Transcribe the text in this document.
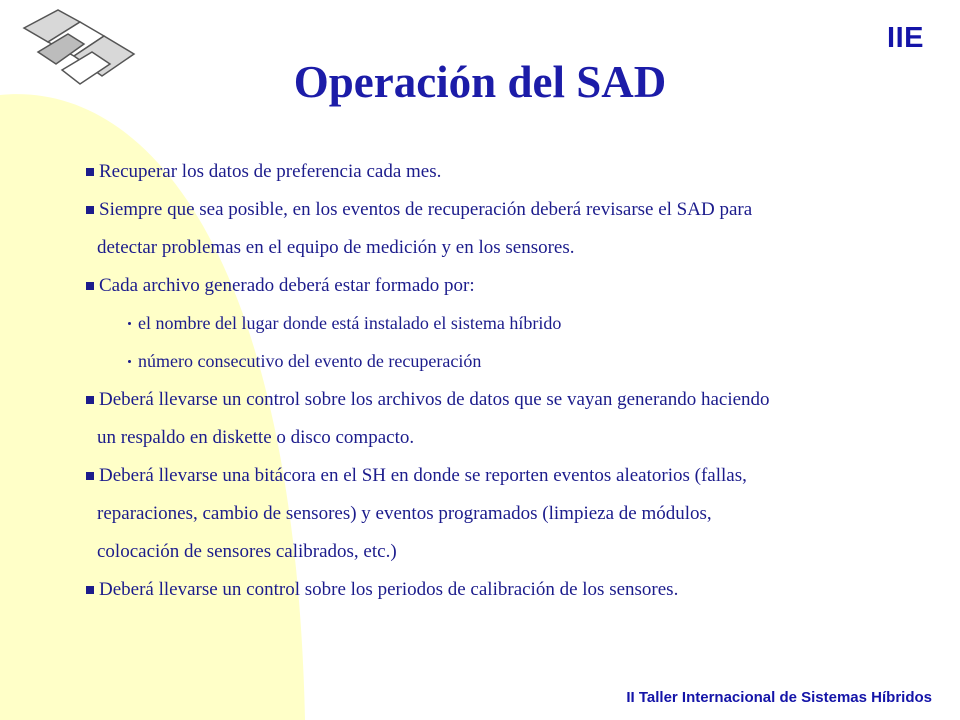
IIE
Operación del SAD
Recuperar los datos de preferencia cada mes.
Siempre que sea posible, en los eventos de recuperación deberá revisarse el SAD para
detectar problemas en el equipo de medición y en los sensores.
Cada archivo generado deberá estar formado por:
el nombre del lugar donde está instalado el sistema híbrido
número consecutivo del evento de recuperación
Deberá llevarse un control sobre los archivos de datos que se vayan generando haciendo
un respaldo en diskette o disco compacto.
Deberá llevarse una bitácora en el SH en donde se reporten eventos aleatorios (fallas,
reparaciones, cambio de sensores) y eventos programados (limpieza de módulos,
colocación de sensores calibrados, etc.)
Deberá llevarse un control sobre los periodos de calibración de los sensores.
II Taller Internacional de Sistemas Híbridos
